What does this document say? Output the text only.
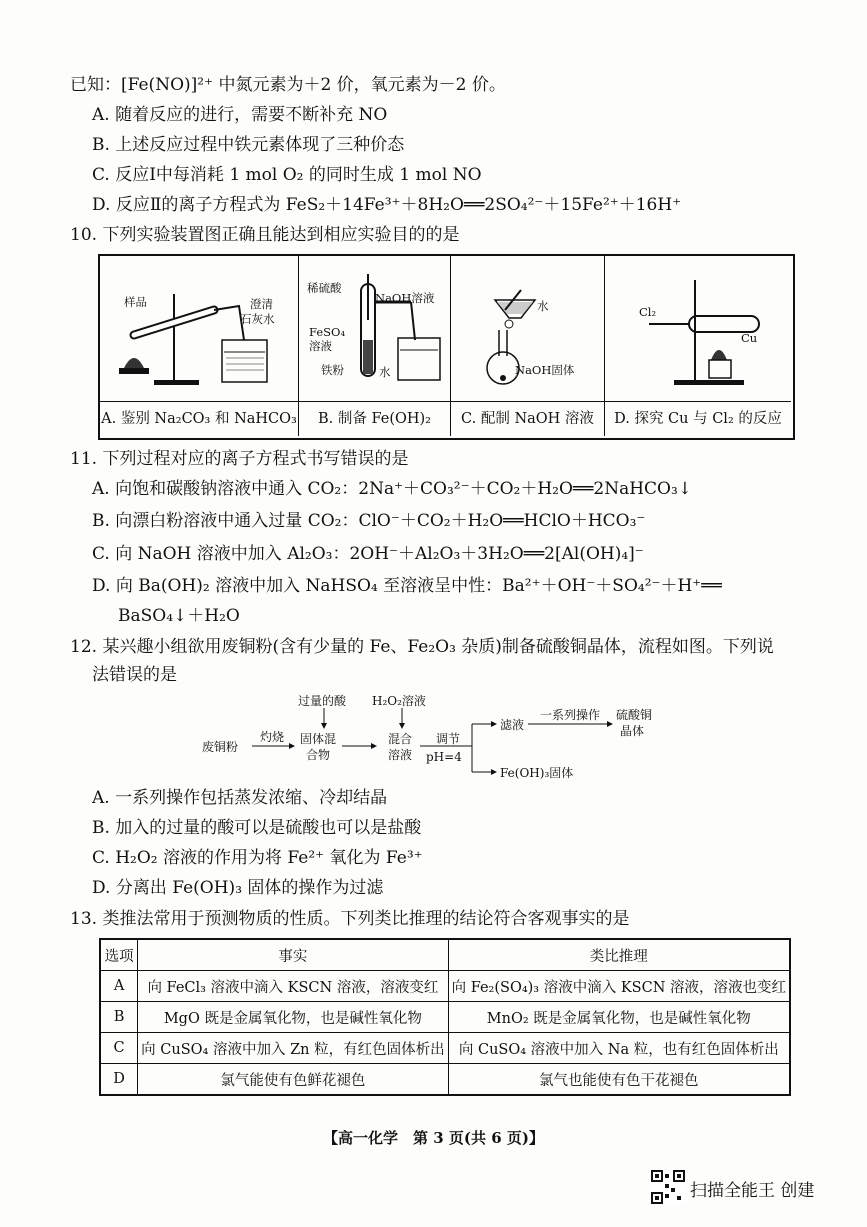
已知：[Fe(NO)]²⁺ 中氮元素为＋2 价，氧元素为－2 价。
A. 随着反应的进行，需要不断补充 NO
B. 上述反应过程中铁元素体现了三种价态
C. 反应Ⅰ中每消耗 1 mol O₂ 的同时生成 1 mol NO
D. 反应Ⅱ的离子方程式为 FeS₂＋14Fe³⁺＋8H₂O══2SO₄²⁻＋15Fe²⁺＋16H⁺
10. 下列实验装置图正确且能达到相应实验目的的是
样品	澄清
石灰水
A. 鉴别 Na₂CO₃ 和 NaHCO₃
稀硫酸
NaOH溶液
FeSO₄
溶液
铁粉	水
B. 制备 Fe(OH)₂
水
NaOH固体
C. 配制 NaOH 溶液
Cl₂
Cu
D. 探究 Cu 与 Cl₂ 的反应
11. 下列过程对应的离子方程式书写错误的是
A. 向饱和碳酸钠溶液中通入 CO₂：2Na⁺＋CO₃²⁻＋CO₂＋H₂O══2NaHCO₃↓
B. 向漂白粉溶液中通入过量 CO₂：ClO⁻＋CO₂＋H₂O══HClO＋HCO₃⁻
C. 向 NaOH 溶液中加入 Al₂O₃：2OH⁻＋Al₂O₃＋3H₂O══2[Al(OH)₄]⁻
D. 向 Ba(OH)₂ 溶液中加入 NaHSO₄ 至溶液呈中性：Ba²⁺＋OH⁻＋SO₄²⁻＋H⁺══
BaSO₄↓＋H₂O
12. 某兴趣小组欲用废铜粉(含有少量的 Fe、Fe₂O₃ 杂质)制备硫酸铜晶体，流程如图。下列说
法错误的是
废铜粉
灼烧 固体混
合物
过量的酸 H₂O₂溶液
混合
溶液
调节
pH=4
滤液
一系列操作 硫酸铜
晶体
Fe(OH)₃固体
A. 一系列操作包括蒸发浓缩、冷却结晶
B. 加入的过量的酸可以是硫酸也可以是盐酸
C. H₂O₂ 溶液的作用为将 Fe²⁺ 氧化为 Fe³⁺
D. 分离出 Fe(OH)₃ 固体的操作为过滤
13. 类推法常用于预测物质的性质。下列类比推理的结论符合客观事实的是
选项	事实	类比推理
A	向 FeCl₃ 溶液中滴入 KSCN 溶液，溶液变红	向 Fe₂(SO₄)₃ 溶液中滴入 KSCN 溶液，溶液也变红
B	MgO 既是金属氧化物，也是碱性氧化物	MnO₂ 既是金属氧化物，也是碱性氧化物
C	向 CuSO₄ 溶液中加入 Zn 粒，有红色固体析出	向 CuSO₄ 溶液中加入 Na 粒，也有红色固体析出
D	氯气能使有色鲜花褪色	氯气也能使有色干花褪色
【高一化学　第 3 页(共 6 页)】
扫描全能王 创建
